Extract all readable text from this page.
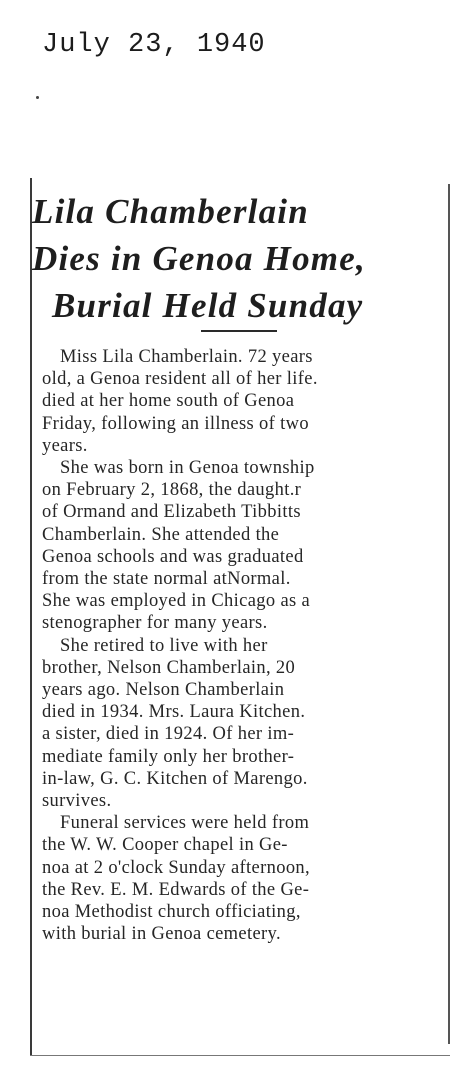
July 23, 1940

Lila Chamberlain
Dies in Genoa Home,
Burial Held Sunday

Miss Lila Chamberlain. 72 years
old, a Genoa resident all of her life.
died at her home south of Genoa
Friday, following an illness of two
years.

She was born in Genoa township
on February 2, 1868, the daught.r
of Ormand and Elizabeth Tibbitts
Chamberlain. She attended the
Genoa schools and was graduated
from the state normal atNormal.
She was employed in Chicago as a
stenographer for many years.

She retired to live with her
brother, Nelson Chamberlain, 20
years ago. Nelson Chamberlain
died in 1934. Mrs. Laura Kitchen.
a sister, died in 1924. Of her im-
mediate family only her brother-
in-law, G. C. Kitchen of Marengo.
survives.

Funeral services were held from
the W. W. Cooper chapel in Ge-
noa at 2 o'clock Sunday afternoon,
the Rev. E. M. Edwards of the Ge-
noa Methodist church officiating,
with burial in Genoa cemetery.
